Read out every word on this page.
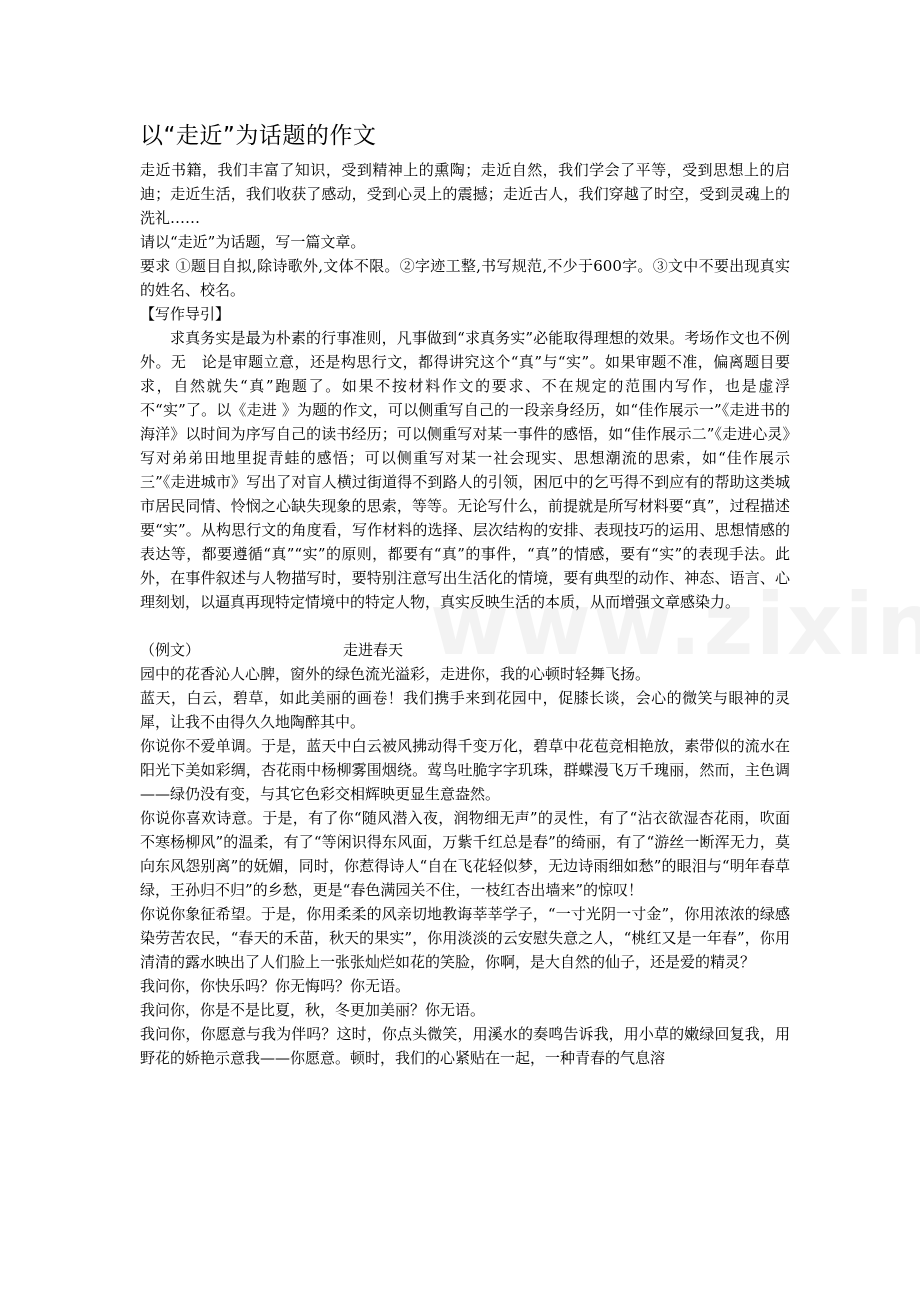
以“走近”为话题的作文

走近书籍，我们丰富了知识，受到精神上的熏陶；走近自然，我们学会了平等，受到思想上的启迪；走近生活，我们收获了感动，受到心灵上的震撼；走近古人，我们穿越了时空，受到灵魂上的洗礼……

请以“走近”为话题，写一篇文章。

要求 ①题目自拟,除诗歌外,文体不限。②字迹工整,书写规范,不少于600字。③文中不要出现真实的姓名、校名。

【写作导引】

求真务实是最为朴素的行事准则，凡事做到“求真务实”必能取得理想的效果。考场作文也不例外。无　论是审题立意，还是构思行文，都得讲究这个“真”与“实”。如果审题不准，偏离题目要求，自然就失“真”跑题了。如果不按材料作文的要求、不在规定的范围内写作，也是虚浮不“实”了。以《走进 》为题的作文，可以侧重写自己的一段亲身经历，如“佳作展示一”《走进书的海洋》以时间为序写自己的读书经历；可以侧重写对某一事件的感悟，如“佳作展示二”《走进心灵》写对弟弟田地里捉青蛙的感悟；可以侧重写对某一社会现实、思想潮流的思索，如“佳作展示三”《走进城市》写出了对盲人横过街道得不到路人的引领，困厄中的乞丐得不到应有的帮助这类城市居民同情、怜悯之心缺失现象的思索，等等。无论写什么，前提就是所写材料要“真”，过程描述要“实”。从构思行文的角度看，写作材料的选择、层次结构的安排、表现技巧的运用、思想情感的表达等，都要遵循“真”“实”的原则，都要有“真”的事件，“真”的情感，要有“实”的表现手法。此外，在事件叙述与人物描写时，要特别注意写出生活化的情境，要有典型的动作、神态、语言、心理刻划，以逼真再现特定情境中的特定人物，真实反映生活的本质，从而增强文章感染力。

（例文）	走进春天

园中的花香沁人心脾，窗外的绿色流光溢彩，走进你，我的心顿时轻舞飞扬。

蓝天，白云，碧草，如此美丽的画卷！我们携手来到花园中，促膝长谈，会心的微笑与眼神的灵犀，让我不由得久久地陶醉其中。

你说你不爱单调。于是，蓝天中白云被风拂动得千变万化，碧草中花苞竞相艳放，素带似的流水在阳光下美如彩绸，杏花雨中杨柳雾围烟绕。莺鸟吐脆字字玑珠，群蝶漫飞万千瑰丽，然而，主色调——绿仍没有变，与其它色彩交相辉映更显生意盎然。

你说你喜欢诗意。于是，有了你“随风潜入夜，润物细无声”的灵性，有了“沾衣欲湿杏花雨，吹面不寒杨柳风”的温柔，有了“等闲识得东风面，万紫千红总是春”的绮丽，有了“游丝一断浑无力，莫向东风怨别离”的妩媚，同时，你惹得诗人“自在飞花轻似梦，无边诗雨细如愁”的眼泪与“明年春草绿，王孙归不归”的乡愁，更是“春色满园关不住，一枝红杏出墙来”的惊叹！

你说你象征希望。于是，你用柔柔的风亲切地教诲莘莘学子，“一寸光阴一寸金”，你用浓浓的绿感染劳苦农民，“春天的禾苗，秋天的果实”，你用淡淡的云安慰失意之人，“桃红又是一年春”，你用清清的露水映出了人们脸上一张张灿烂如花的笑脸，你啊，是大自然的仙子，还是爱的精灵？

我问你，你快乐吗？你无悔吗？你无语。

我问你，你是不是比夏，秋，冬更加美丽？你无语。

我问你，你愿意与我为伴吗？这时，你点头微笑，用溪水的奏鸣告诉我，用小草的嫩绿回复我，用野花的娇艳示意我——你愿意。顿时，我们的心紧贴在一起，一种青春的气息溶
